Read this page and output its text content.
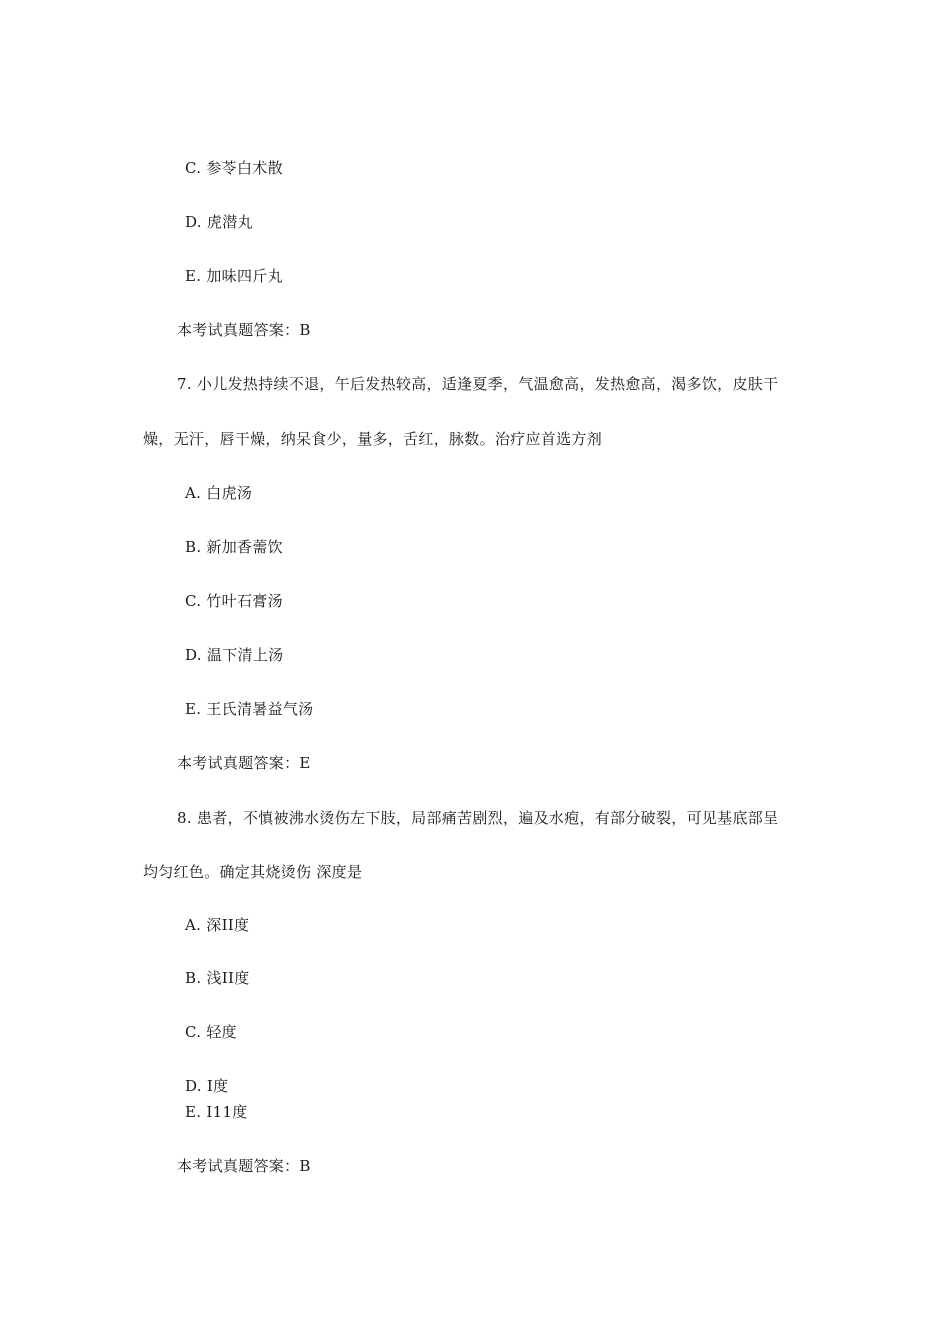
C. 参苓白术散
D. 虎潜丸
E. 加味四斤丸
本考试真题答案：B
7. 小儿发热持续不退，午后发热较高，适逢夏季，气温愈高，发热愈高，渴多饮，皮肤干
燥，无汗，唇干燥，纳呆食少，量多，舌红，脉数。治疗应首选方剂
A. 白虎汤
B. 新加香薷饮
C. 竹叶石膏汤
D. 温下清上汤
E. 王氏清暑益气汤
本考试真题答案：E
8. 患者，不慎被沸水烫伤左下肢，局部痛苦剧烈，遍及水疱，有部分破裂，可见基底部呈
均匀红色。确定其烧烫伤 深度是
A. 深II度
B. 浅II度
C. 轻度
D. I度
E. I11度
本考试真题答案：B
